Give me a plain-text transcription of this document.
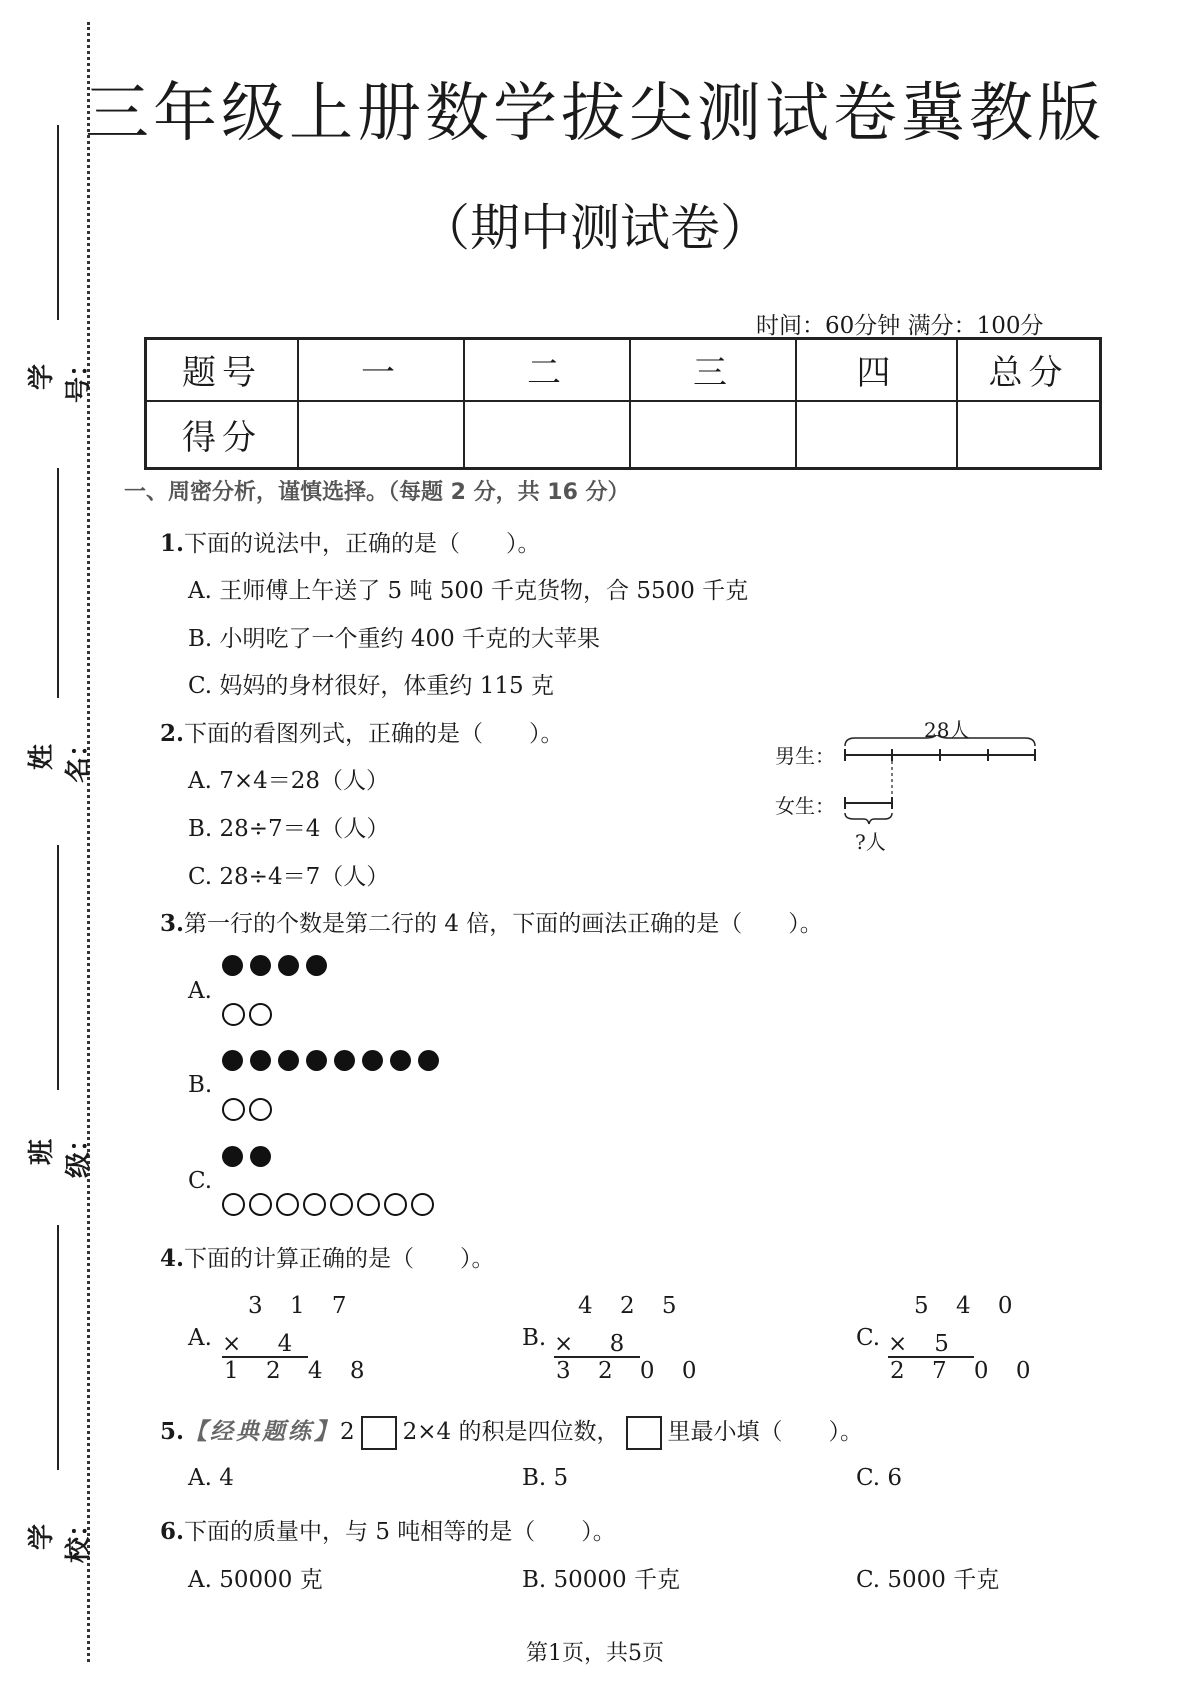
学号：
姓名：
班级：
学校：
三年级上册数学拔尖测试卷冀教版
（期中测试卷）
时间：60分钟 满分：100分
题号	一	二	三	四	总分
得分					
一、周密分析，谨慎选择。（每题 2 分，共 16 分）
1.下面的说法中，正确的是（　　）。
A. 王师傅上午送了 5 吨 500 千克货物，合 5500 千克
B. 小明吃了一个重约 400 千克的大苹果
C. 妈妈的身材很好，体重约 115 克
2.下面的看图列式，正确的是（　　）。
A. 7×4＝28（人）
B. 28÷7＝4（人）
C. 28÷4＝7（人）
男生：
女生：
28人
?人
3.第一行的个数是第二行的 4 倍，下面的画法正确的是（　　）。
A.
B.
C.
4.下面的计算正确的是（　　）。
A.
3 1 7
×　 4
1 2 4 8
B.
4 2 5
×　 8
3 2 0 0
C.
5 4 0
×　5
2 7 0 0
5.【经典题练】2 2×4 的积是四位数， 里最小填（　　）。
A. 4	B. 5	C. 6
6.下面的质量中，与 5 吨相等的是（　　）。
A. 50000 克	B. 50000 千克	C. 5000 千克
第1页，共5页
